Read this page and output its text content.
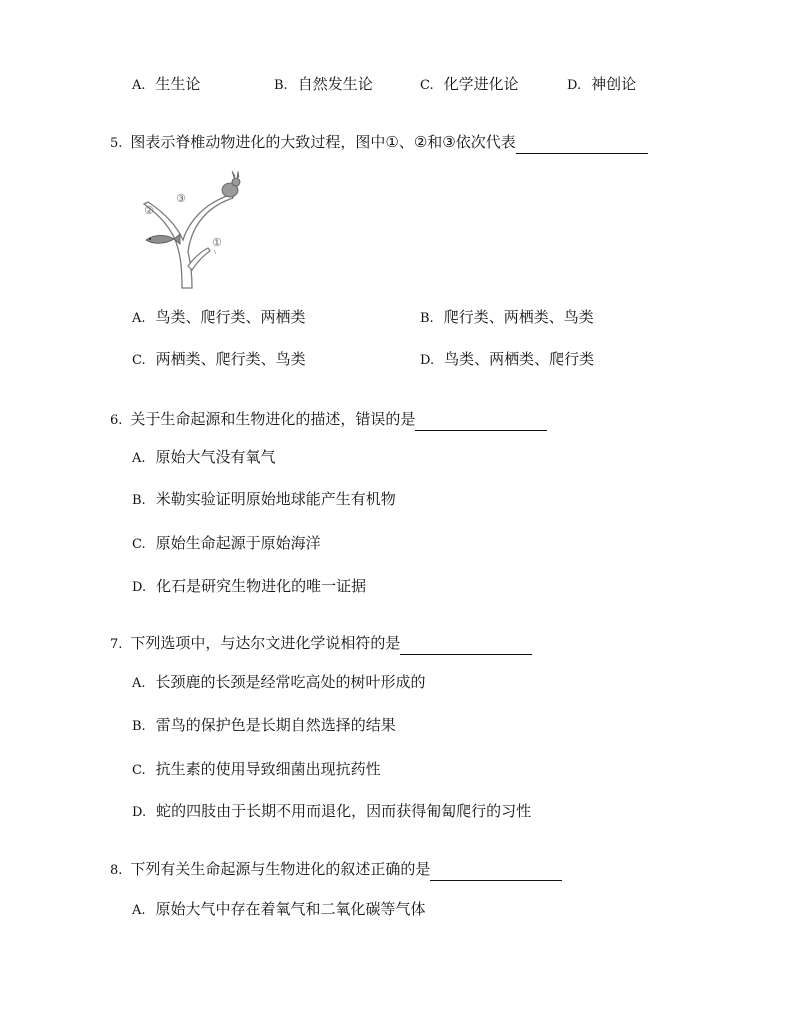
A. 生生论	B. 自然发生论	C. 化学进化论	D. 神创论
5. 图表示脊椎动物进化的大致过程，图中①、②和③依次代表
②
③
①
A. 鸟类、爬行类、两栖类	B. 爬行类、两栖类、鸟类
C. 两栖类、爬行类、鸟类	D. 鸟类、两栖类、爬行类
6. 关于生命起源和生物进化的描述，错误的是
A. 原始大气没有氧气
B. 米勒实验证明原始地球能产生有机物
C. 原始生命起源于原始海洋
D. 化石是研究生物进化的唯一证据
7. 下列选项中，与达尔文进化学说相符的是
A. 长颈鹿的长颈是经常吃高处的树叶形成的
B. 雷鸟的保护色是长期自然选择的结果
C. 抗生素的使用导致细菌出现抗药性
D. 蛇的四肢由于长期不用而退化，因而获得匍匐爬行的习性
8. 下列有关生命起源与生物进化的叙述正确的是
A. 原始大气中存在着氧气和二氧化碳等气体
